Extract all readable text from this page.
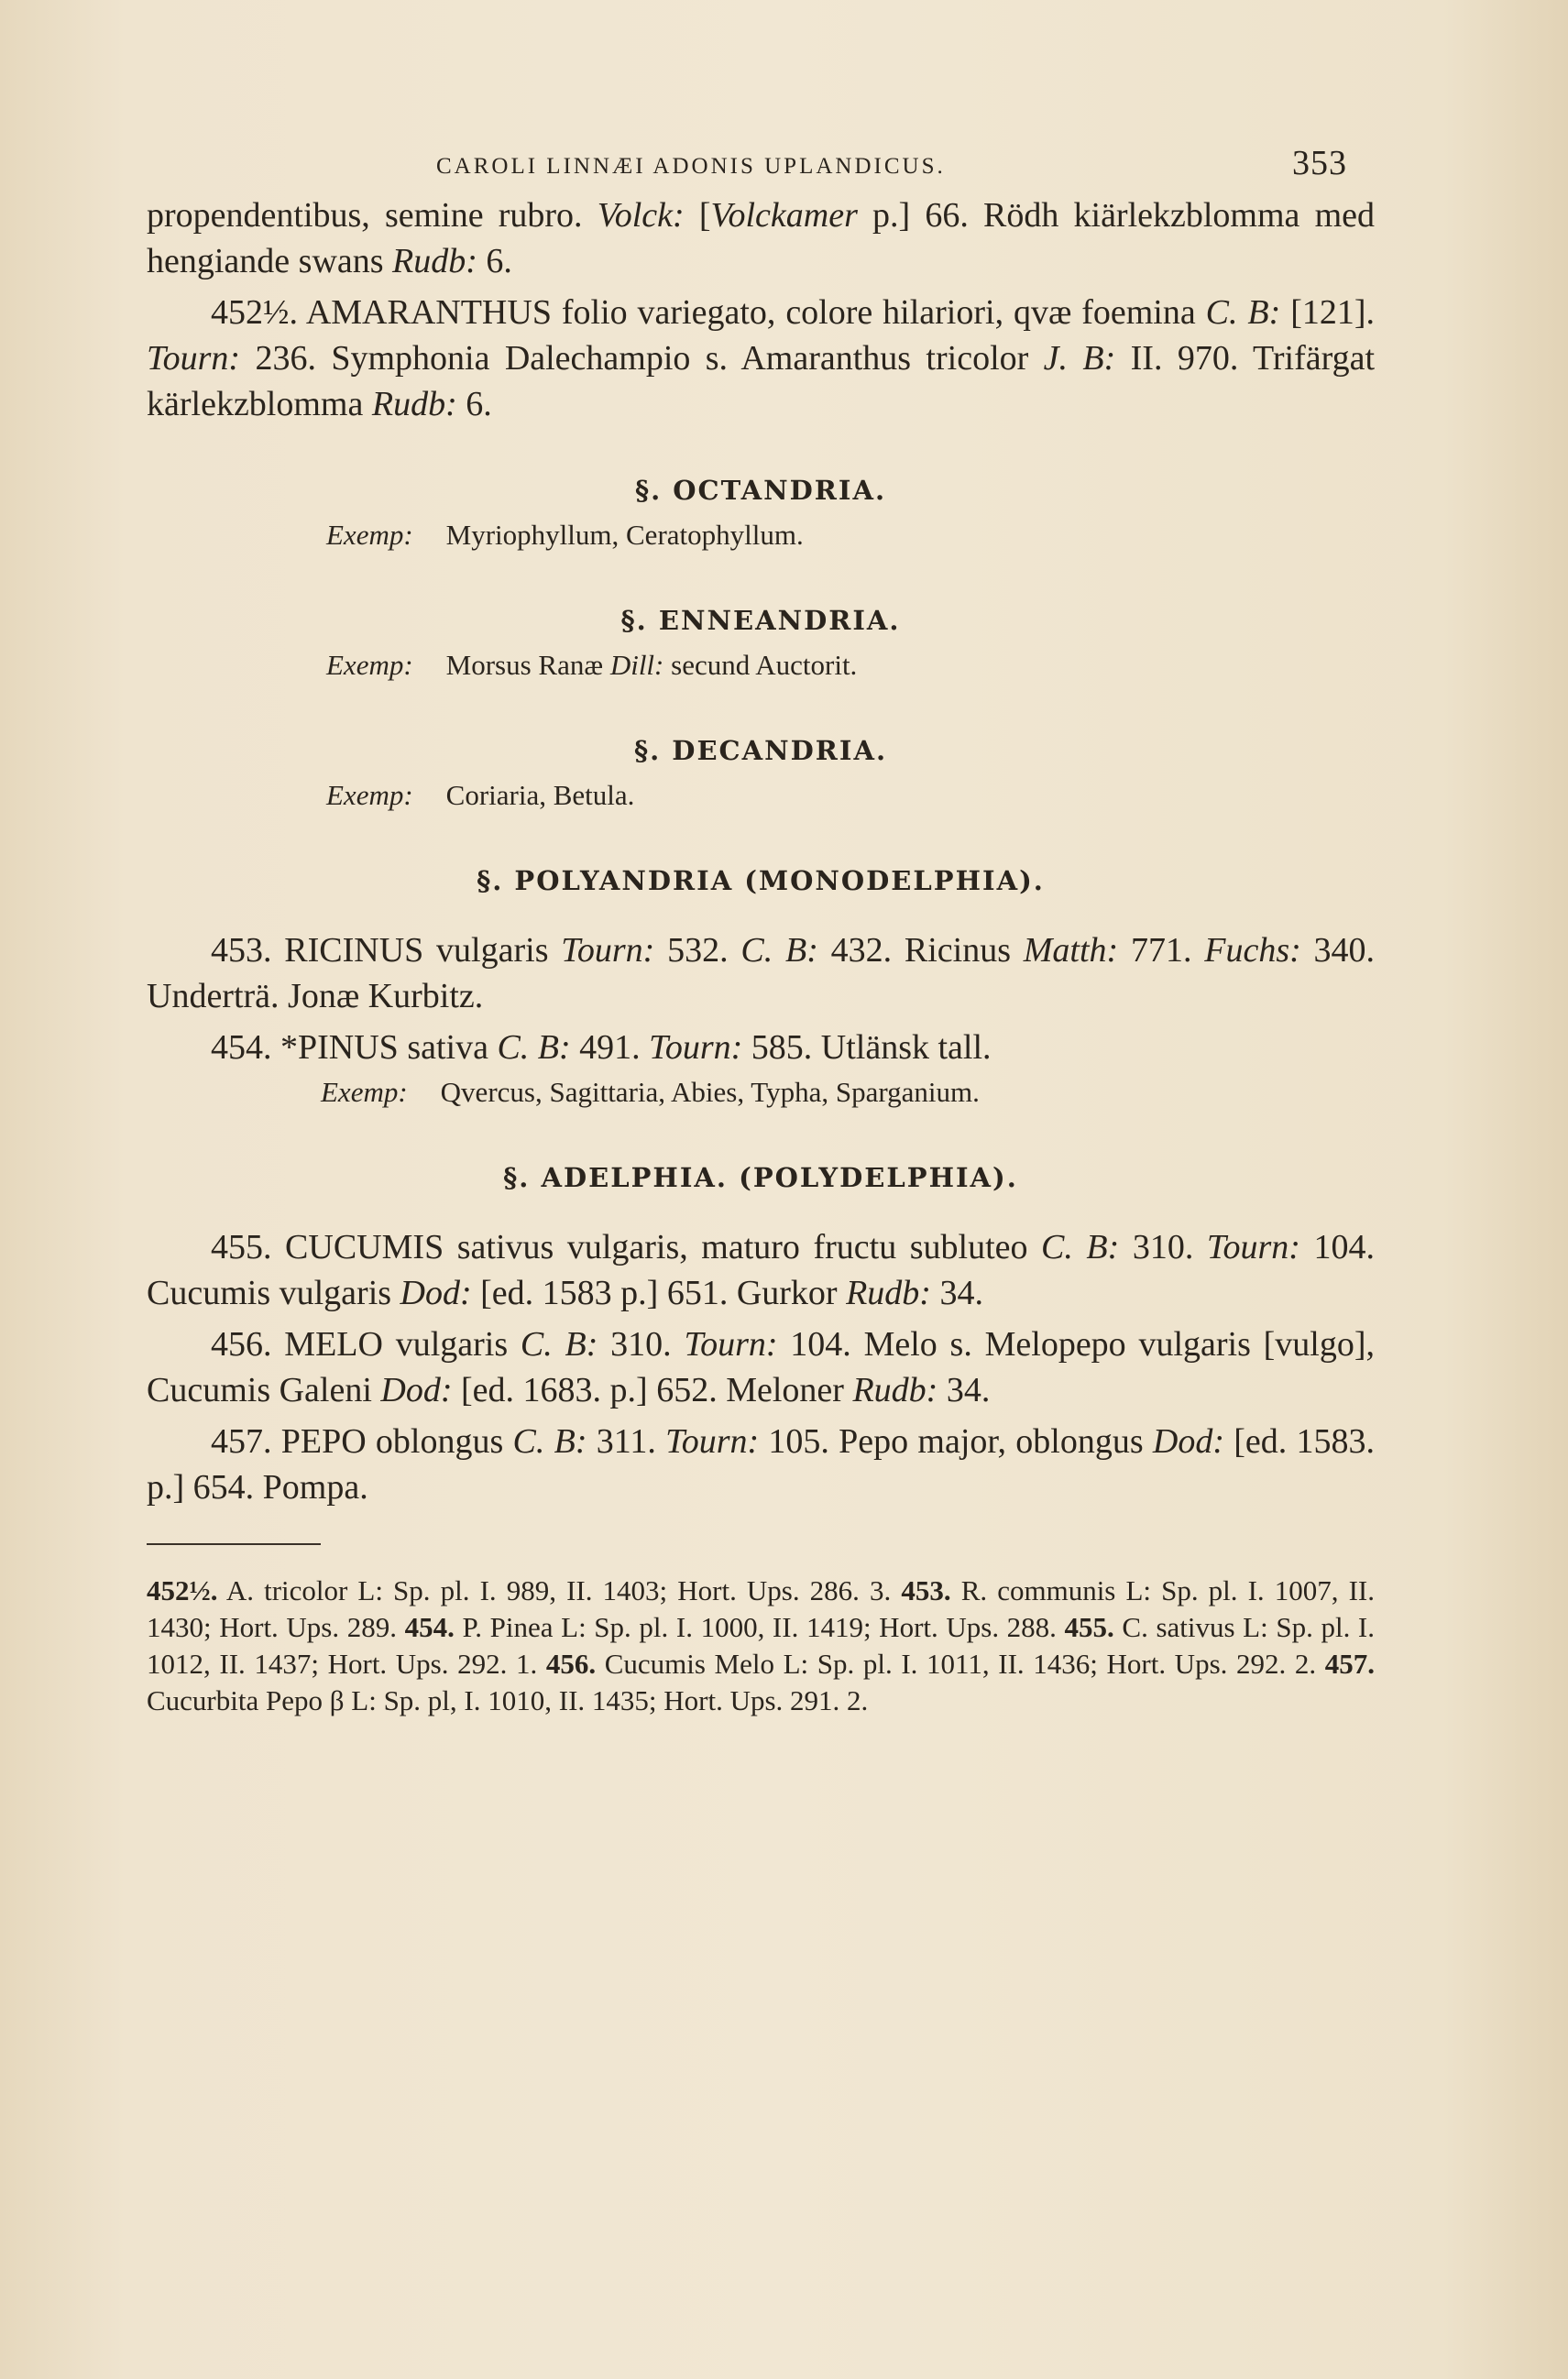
CAROLI LINNÆI ADONIS UPLANDICUS.	353

propendentibus, semine rubro. Volck: [Volckamer p.] 66. Rödh kiärlekzblomma med hengiande swans Rudb: 6.

452½. AMARANTHUS folio variegato, colore hilariori, qvæ foemina C. B: [121]. Tourn: 236. Symphonia Dalechampio s. Amaranthus tricolor J. B: II. 970. Trifärgat kärlekzblomma Rudb: 6.

§. OCTANDRIA.

Exemp: Myriophyllum, Ceratophyllum.

§. ENNEANDRIA.

Exemp: Morsus Ranæ Dill: secund Auctorit.

§. DECANDRIA.

Exemp: Coriaria, Betula.

§. POLYANDRIA (MONODELPHIA).

453. RICINUS vulgaris Tourn: 532. C. B: 432. Ricinus Matth: 771. Fuchs: 340. Underträ. Jonæ Kurbitz.

454. *PINUS sativa C. B: 491. Tourn: 585. Utlänsk tall.

Exemp: Qvercus, Sagittaria, Abies, Typha, Sparganium.

§. ADELPHIA. (POLYDELPHIA).

455. CUCUMIS sativus vulgaris, maturo fructu subluteo C. B: 310. Tourn: 104. Cucumis vulgaris Dod: [ed. 1583 p.] 651. Gurkor Rudb: 34.

456. MELO vulgaris C. B: 310. Tourn: 104. Melo s. Melopepo vulgaris [vulgo], Cucumis Galeni Dod: [ed. 1683. p.] 652. Meloner Rudb: 34.

457. PEPO oblongus C. B: 311. Tourn: 105. Pepo major, oblongus Dod: [ed. 1583. p.] 654. Pompa.

452½. A. tricolor L: Sp. pl. I. 989, II. 1403; Hort. Ups. 286. 3. 453. R. communis L: Sp. pl. I. 1007, II. 1430; Hort. Ups. 289. 454. P. Pinea L: Sp. pl. I. 1000, II. 1419; Hort. Ups. 288. 455. C. sativus L: Sp. pl. I. 1012, II. 1437; Hort. Ups. 292. 1. 456. Cucumis Melo L: Sp. pl. I. 1011, II. 1436; Hort. Ups. 292. 2. 457. Cucurbita Pepo β L: Sp. pl, I. 1010, II. 1435; Hort. Ups. 291. 2.
